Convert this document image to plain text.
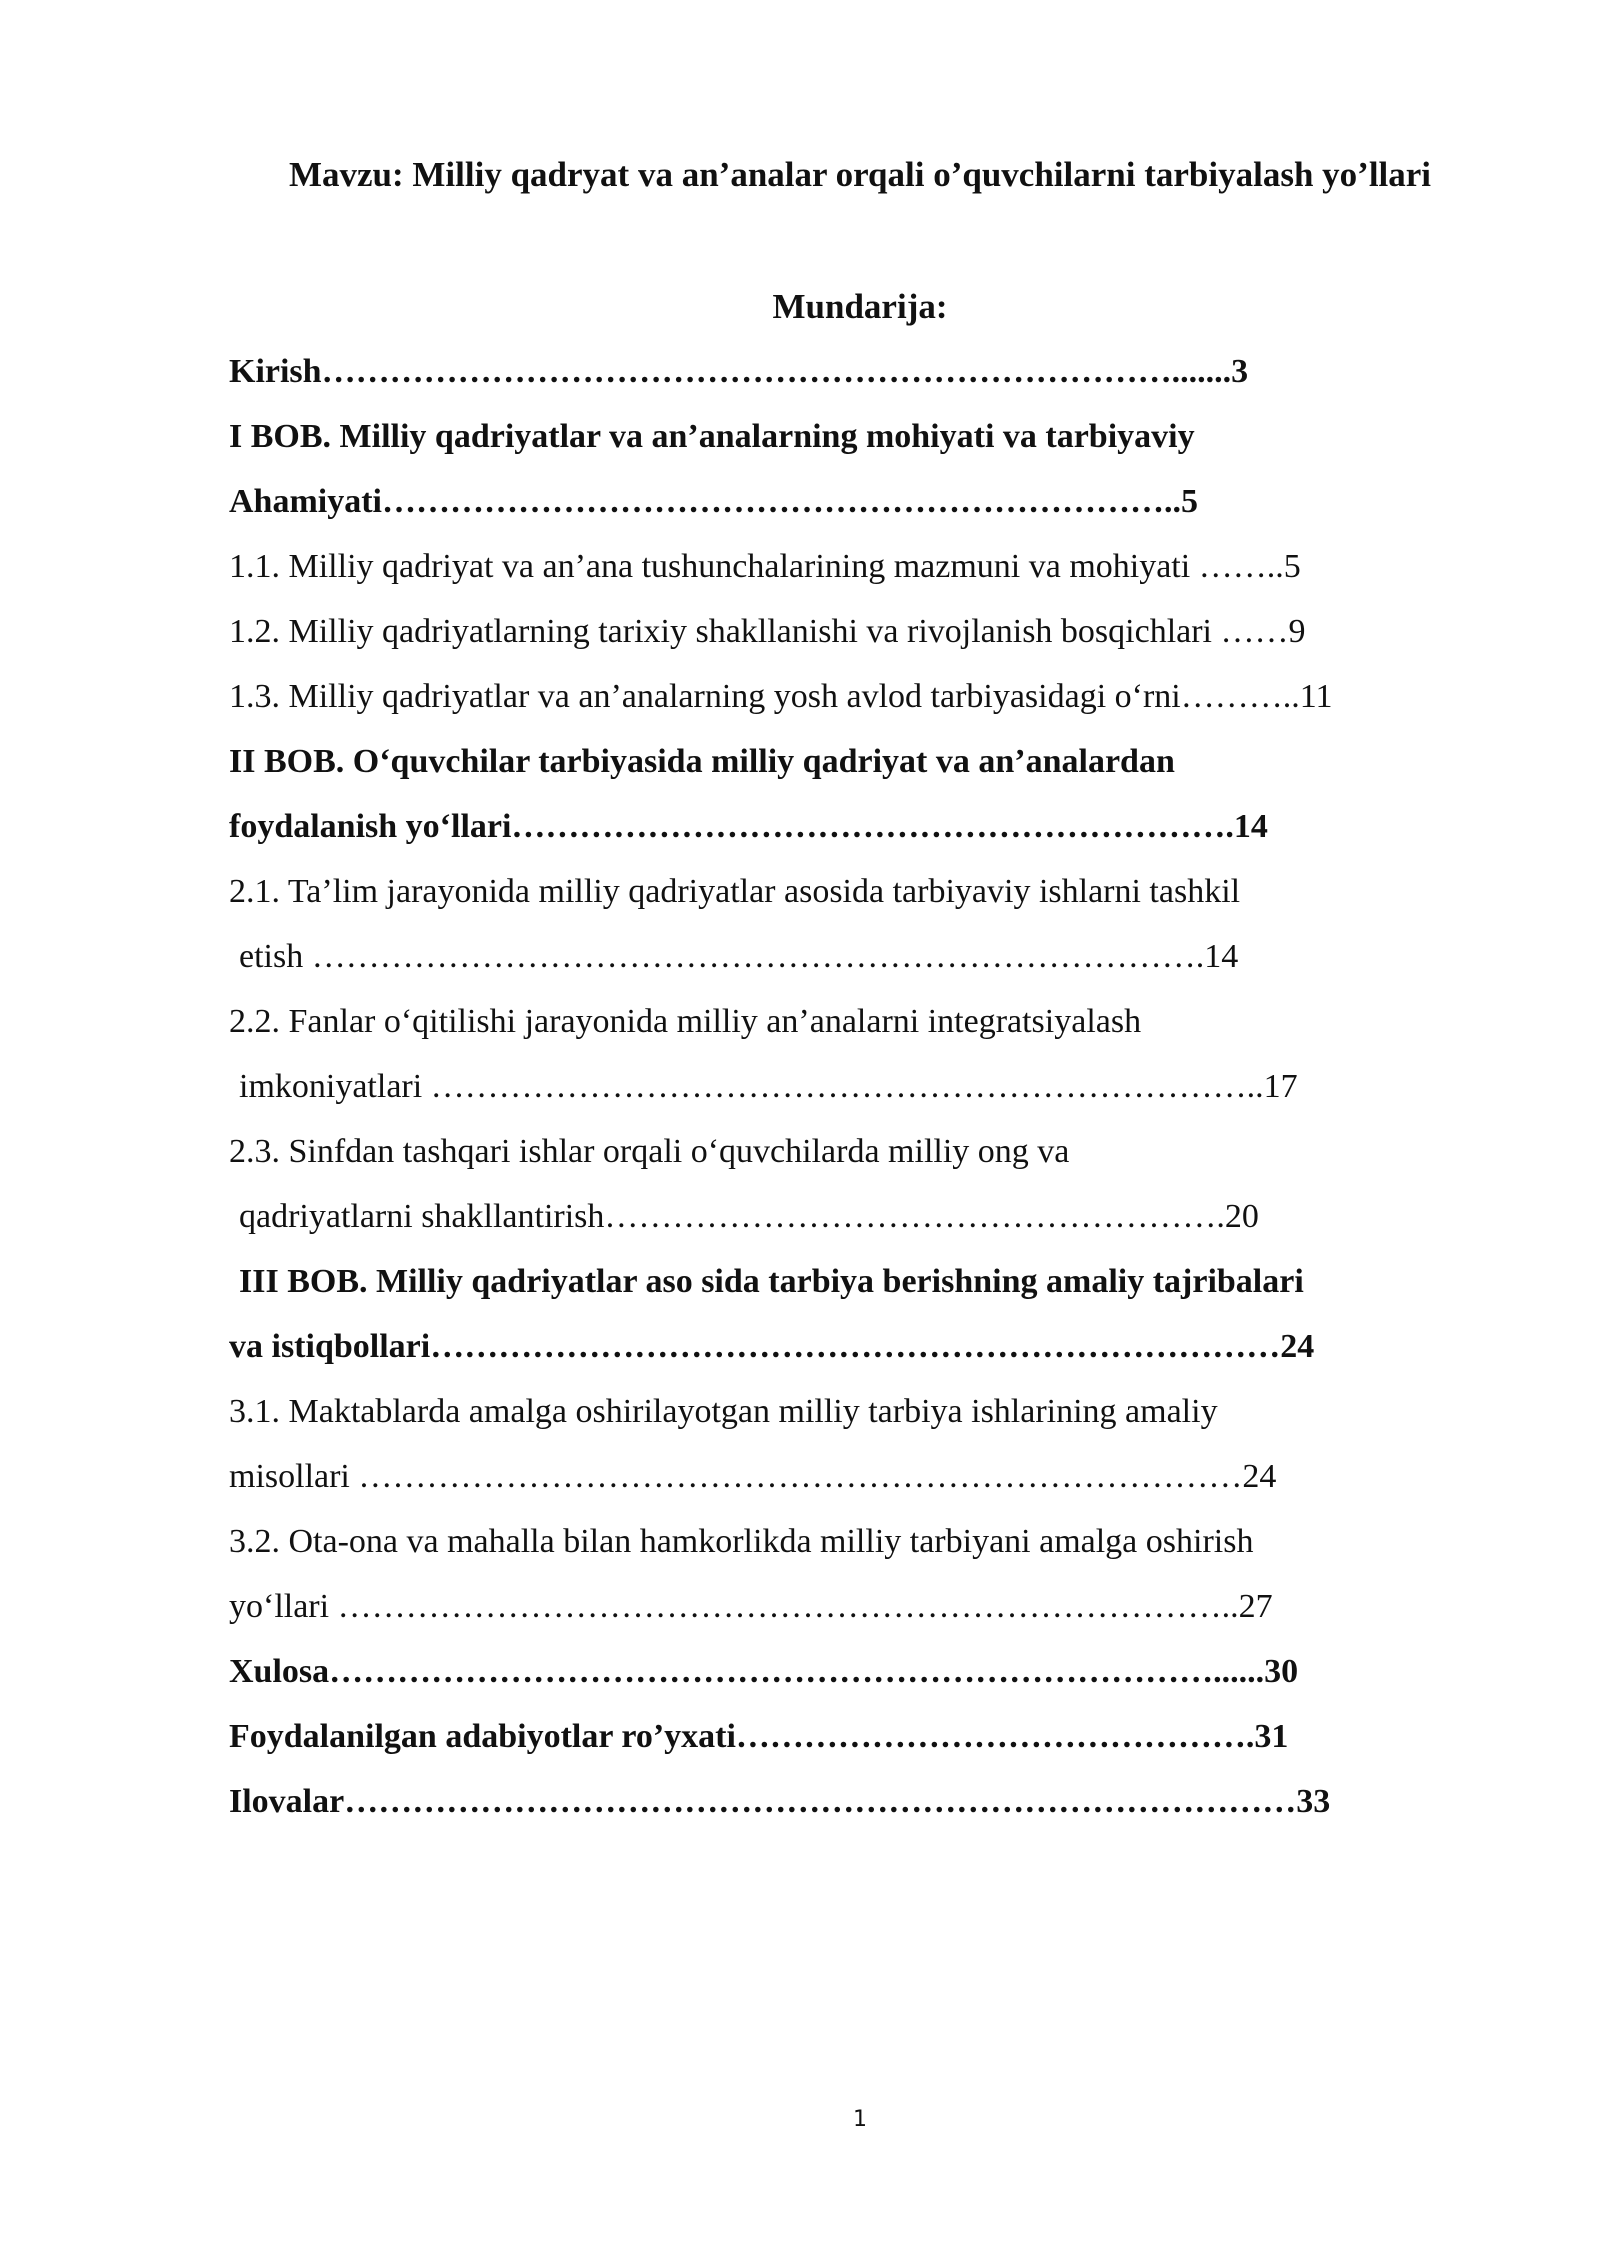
Mavzu: Milliy qadryat va an’analar orqali o’quvchilarni tarbiyalash yo’llari
Mundarija:
Kirish………………………………………………………………….......3
I BOB. Milliy qadriyatlar va an’analarning mohiyati va tarbiyaviy
Ahamiyati……………………………………………………………..5
1.1. Milliy qadriyat va an’ana tushunchalarining mazmuni va mohiyati ……..5
1.2. Milliy qadriyatlarning tarixiy shakllanishi va rivojlanish bosqichlari ……9
1.3. Milliy qadriyatlar va an’analarning yosh avlod tarbiyasidagi oʻrni………..11
II BOB. Oʻquvchilar tarbiyasida milliy qadriyat va an’analardan
foydalanish yoʻllari……………………………………………………….14
2.1. Ta’lim jarayonida milliy qadriyatlar asosida tarbiyaviy ishlarni tashkil
etish …………………………………………………………………….14
2.2. Fanlar oʻqitilishi jarayonida milliy an’analarni integratsiyalash
imkoniyatlari ………………………………………………………………..17
2.3. Sinfdan tashqari ishlar orqali oʻquvchilarda milliy ong va
qadriyatlarni shakllantirish……………………………………………….20
III BOB. Milliy qadriyatlar aso sida tarbiya berishning amaliy tajribalari
va istiqbollari…………………………………………………………………24
3.1. Maktablarda amalga oshirilayotgan milliy tarbiya ishlarining amaliy
misollari ……………………………………………………………………24
3.2. Ota-ona va mahalla bilan hamkorlikda milliy tarbiyani amalga oshirish
yoʻllari ……………………………………………………………………..27
Xulosa……………………………………………………………………......30
Foydalanilgan adabiyotlar ro’yxati……………………………………….31
Ilovalar…………………………………………………………………………33
1
